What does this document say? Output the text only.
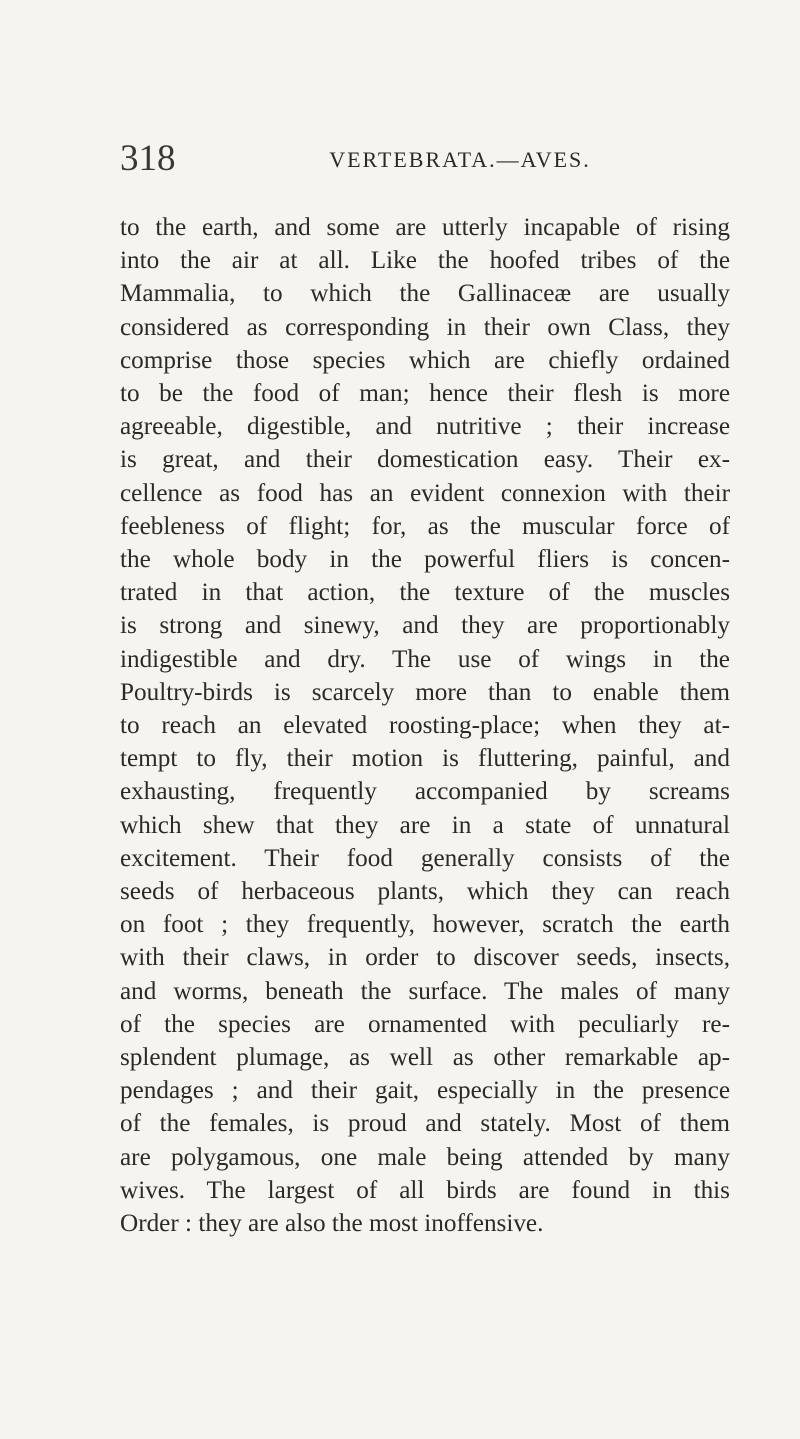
318	VERTEBRATA.—AVES.
to the earth, and some are utterly incapable of rising
into the air at all. Like the hoofed tribes of the
Mammalia, to which the Gallinaceæ are usually
considered as corresponding in their own Class, they
comprise those species which are chiefly ordained
to be the food of man; hence their flesh is more
agreeable, digestible, and nutritive ; their increase
is great, and their domestication easy. Their ex-
cellence as food has an evident connexion with their
feebleness of flight; for, as the muscular force of
the whole body in the powerful fliers is concen-
trated in that action, the texture of the muscles
is strong and sinewy, and they are proportionably
indigestible and dry. The use of wings in the
Poultry-birds is scarcely more than to enable them
to reach an elevated roosting-place; when they at-
tempt to fly, their motion is fluttering, painful, and
exhausting, frequently accompanied by screams
which shew that they are in a state of unnatural
excitement. Their food generally consists of the
seeds of herbaceous plants, which they can reach
on foot ; they frequently, however, scratch the earth
with their claws, in order to discover seeds, insects,
and worms, beneath the surface. The males of many
of the species are ornamented with peculiarly re-
splendent plumage, as well as other remarkable ap-
pendages ; and their gait, especially in the presence
of the females, is proud and stately. Most of them
are polygamous, one male being attended by many
wives. The largest of all birds are found in this
Order : they are also the most inoffensive.
